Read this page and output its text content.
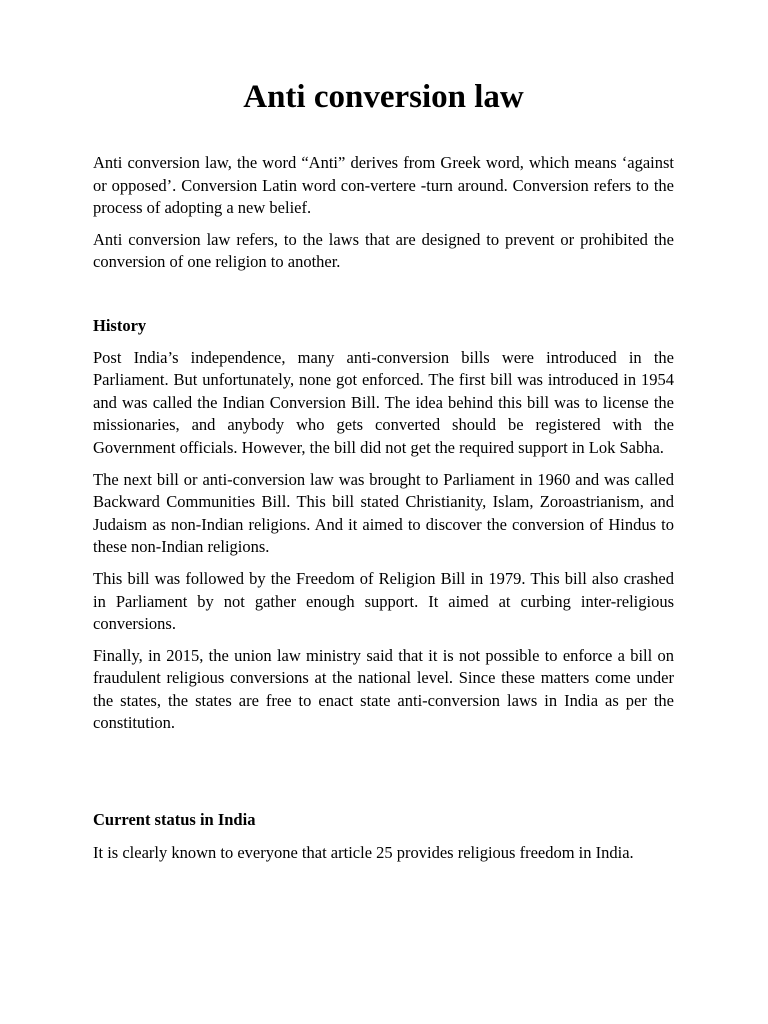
Anti conversion law

Anti conversion law, the word “Anti” derives from Greek word, which means ‘against or opposed’. Conversion Latin word con-vertere -turn around. Conversion refers to the process of adopting a new belief.

Anti conversion law refers, to the laws that are designed to prevent or prohibited the conversion of one religion to another.

History

Post India’s independence, many anti-conversion bills were introduced in the Parliament. But unfortunately, none got enforced. The first bill was introduced in 1954 and was called the Indian Conversion Bill. The idea behind this bill was to license the missionaries, and anybody who gets converted should be registered with the Government officials. However, the bill did not get the required support in Lok Sabha.

The next bill or anti-conversion law was brought to Parliament in 1960 and was called Backward Communities Bill. This bill stated Christianity, Islam, Zoroastrianism, and Judaism as non-Indian religions. And it aimed to discover the conversion of Hindus to these non-Indian religions.

This bill was followed by the Freedom of Religion Bill in 1979. This bill also crashed in Parliament by not gather enough support. It aimed at curbing inter-religious conversions.

Finally, in 2015, the union law ministry said that it is not possible to enforce a bill on fraudulent religious conversions at the national level. Since these matters come under the states, the states are free to enact state anti-conversion laws in India as per the constitution.

Current status in India

It is clearly known to everyone that article 25 provides religious freedom in India.
